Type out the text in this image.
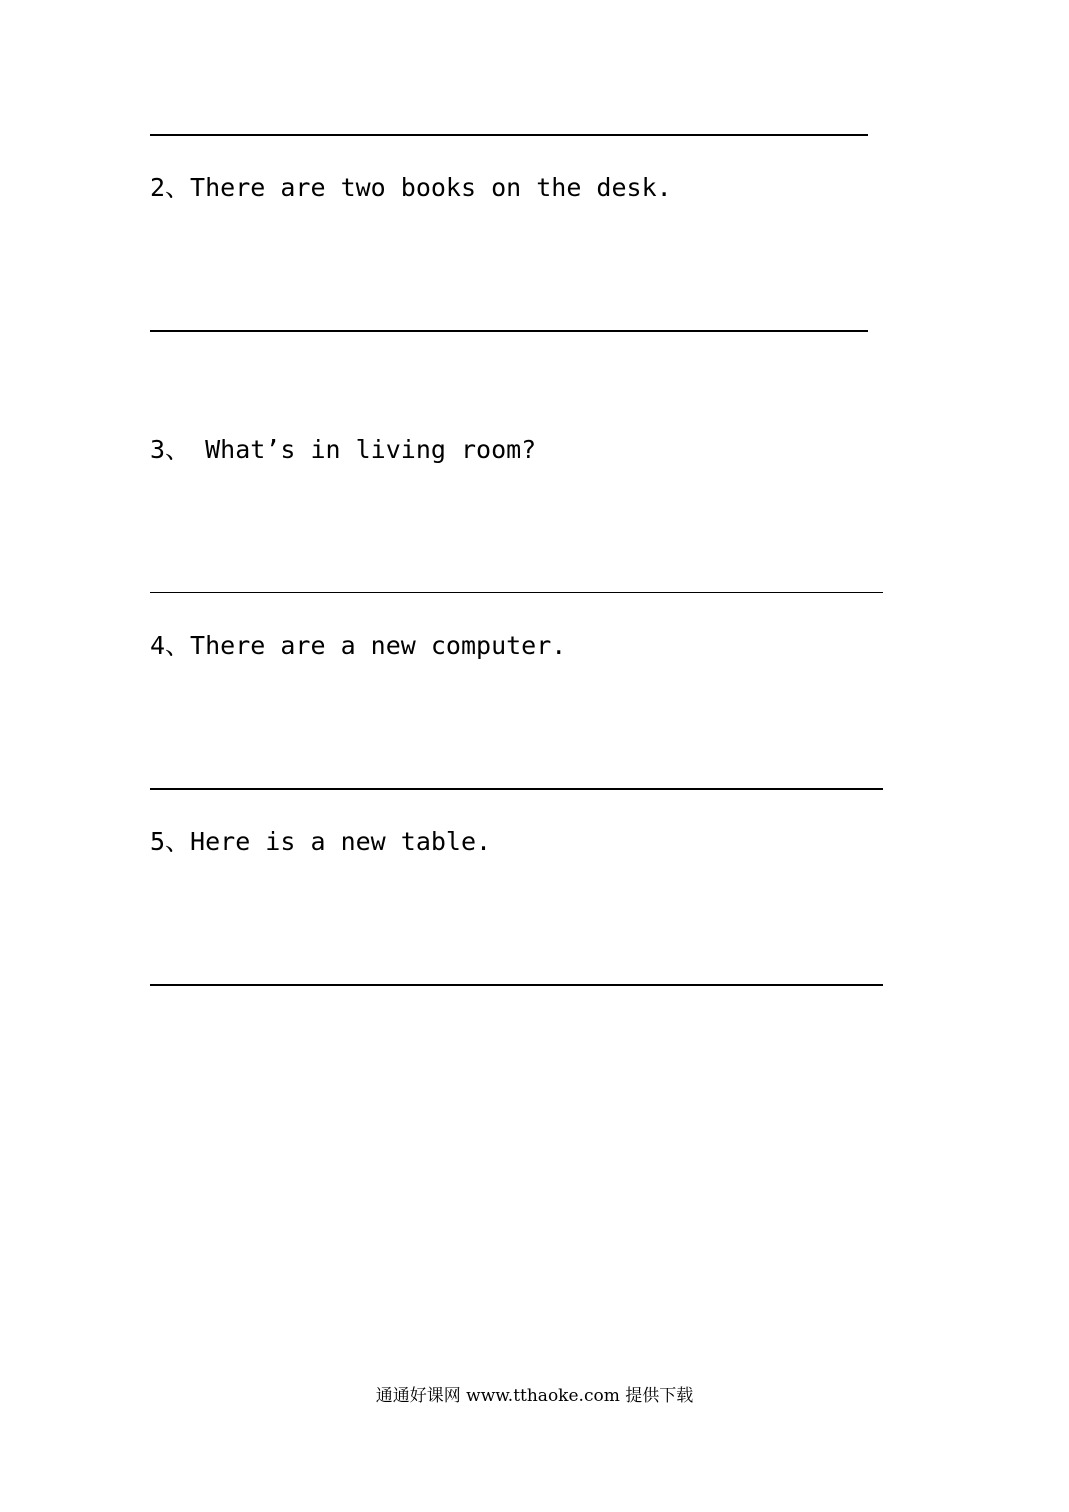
2、There are two books on the desk.
3、 What’s in living room?
4、There are a new computer.
5、Here is a new table.
通通好课网 www.tthaoke.com 提供下载
